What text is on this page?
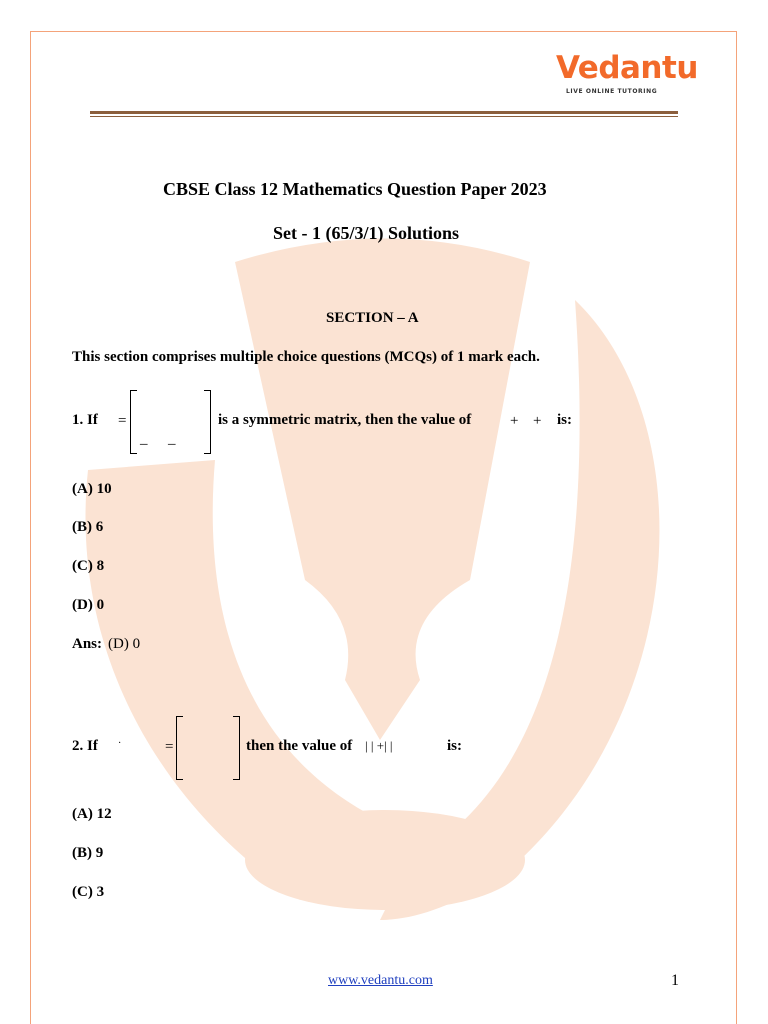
Vedantu
LIVE ONLINE TUTORING
CBSE Class 12 Mathematics Question Paper 2023
Set - 1 (65/3/1) Solutions
SECTION – A
This section comprises multiple choice questions (MCQs) of 1 mark each.
1. If =
– –
is a symmetric matrix, then the value of	+ + is:
(A) 10
(B) 6
(C) 8
(D) 0
Ans: (D) 0
2. If ·	=	then the value of | | +| |	is:
(A) 12
(B) 9
(C) 3
www.vedantu.com	1
